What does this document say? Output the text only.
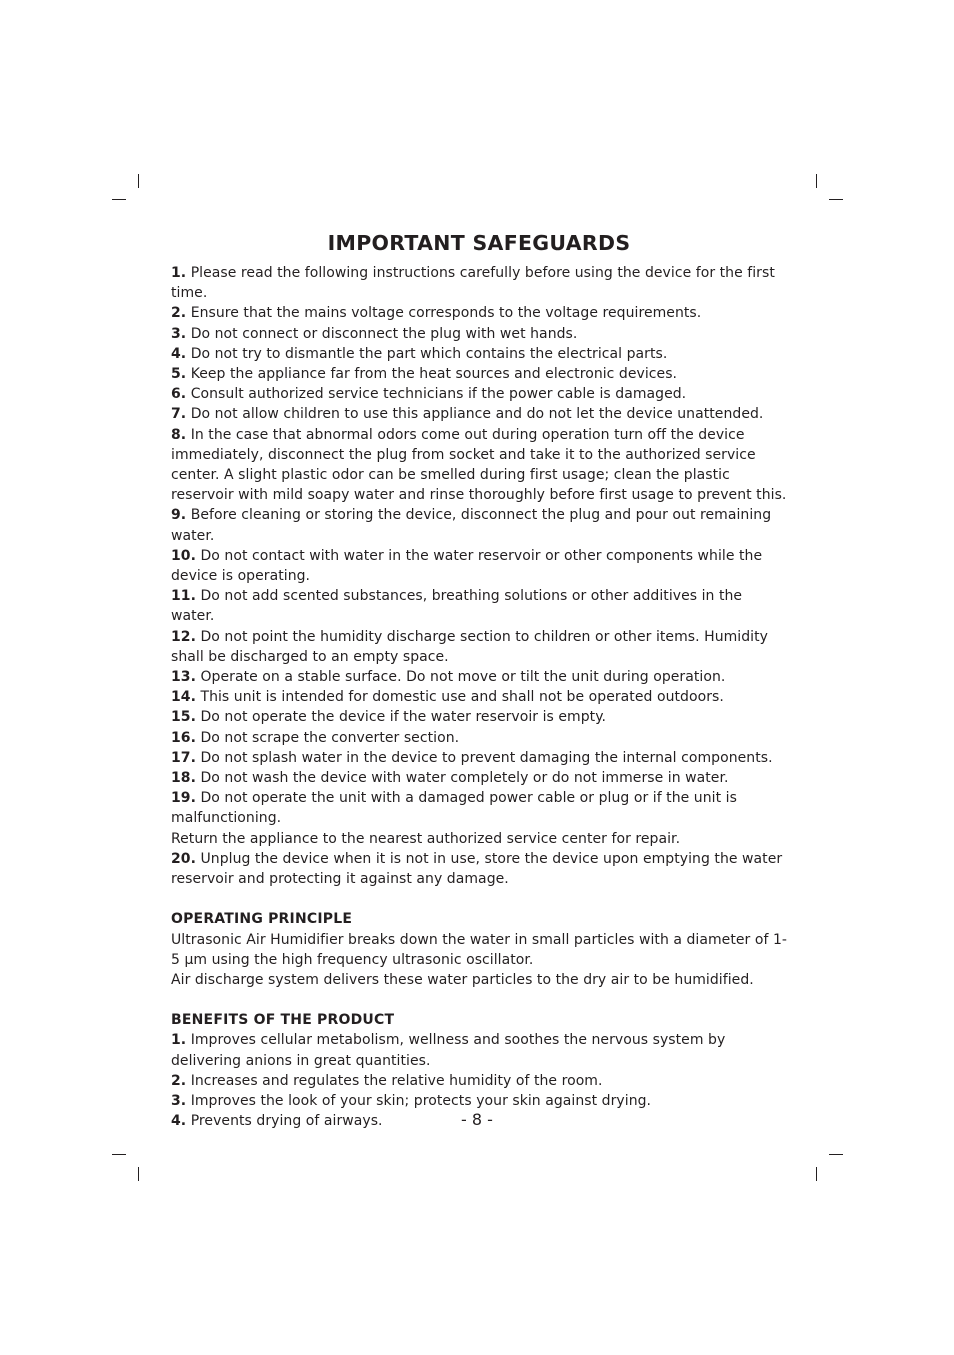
IMPORTANT SAFEGUARDS

1. Please read the following instructions carefully before using the device for the first time.

2. Ensure that the mains voltage corresponds to the voltage requirements.

3. Do not connect or disconnect the plug with wet hands.

4. Do not try to dismantle the part which contains the electrical parts.

5. Keep the appliance far from the heat sources and electronic devices.

6. Consult authorized service technicians if the power cable is damaged.

7. Do not allow children to use this appliance and do not let the device unattended.

8. In the case that abnormal odors come out during operation turn off the device immediately, disconnect the plug from socket and take it to the authorized service center. A slight plastic odor can be smelled during first usage; clean the plastic reservoir with mild soapy water and rinse thoroughly before first usage to prevent this.

9. Before cleaning or storing the device, disconnect the plug and pour out remaining water.

10. Do not contact with water in the water reservoir or other components while the device is operating.

11. Do not add scented substances, breathing solutions or other additives in the water.

12. Do not point the humidity discharge section to children or other items. Humidity shall be discharged to an empty space.

13. Operate on a stable surface. Do not move or tilt the unit during operation.

14. This unit is intended for domestic use and shall not be operated outdoors.

15. Do not operate the device if the water reservoir is empty.

16. Do not scrape the converter section.

17. Do not splash water in the device to prevent damaging the internal components.

18. Do not wash the device with water completely or do not immerse in water.

19. Do not operate the unit with a damaged power cable or plug or if the unit is malfunctioning.

Return the appliance to the nearest authorized service center for repair.

20. Unplug the device when it is not in use, store the device upon emptying the water reservoir and protecting it against any damage.

OPERATING PRINCIPLE

Ultrasonic Air Humidifier breaks down the water in small particles with a diameter of 1-5 µm using the high frequency ultrasonic oscillator.

Air discharge system delivers these water particles to the dry air to be humidified.

BENEFITS OF THE PRODUCT

1. Improves cellular metabolism, wellness and soothes the nervous system by delivering anions in great quantities.

2. Increases and regulates the relative humidity of the room.

3. Improves the look of your skin; protects your skin against drying.

4. Prevents drying of airways.	- 8 -
